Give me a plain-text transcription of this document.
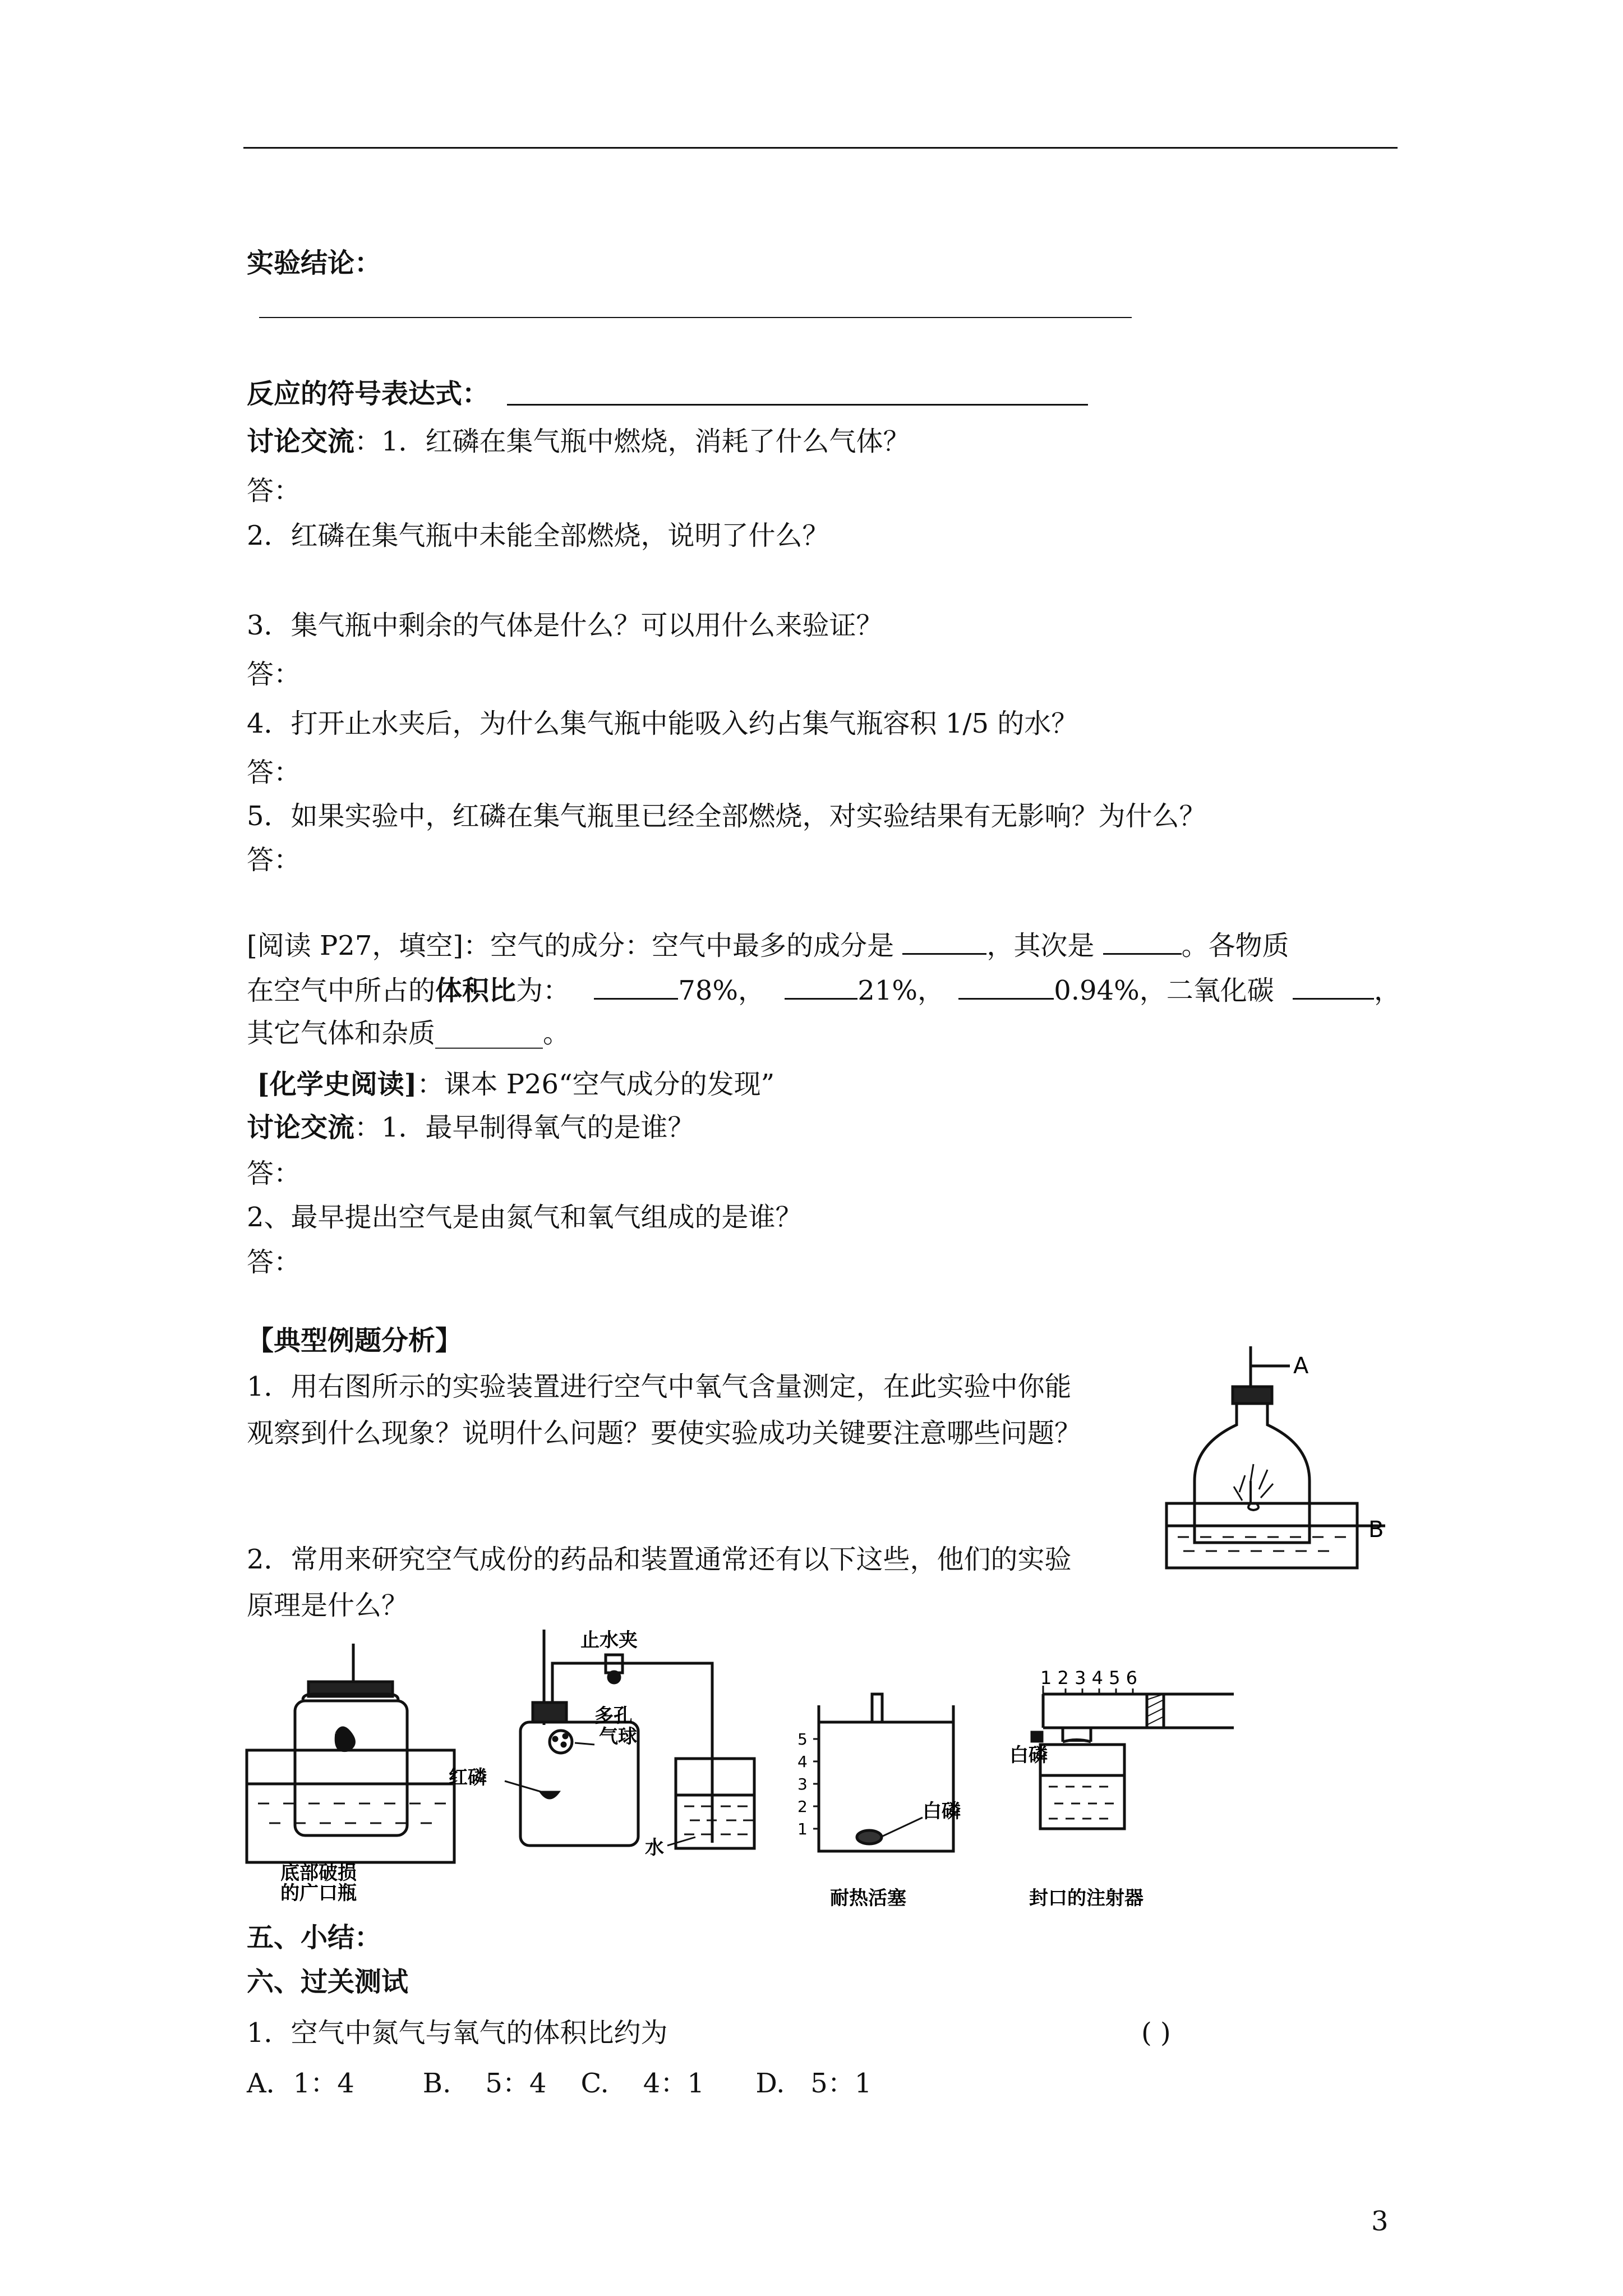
实验结论：
反应的符号表达式：
讨论交流：1．红磷在集气瓶中燃烧，消耗了什么气体？
答：
2．红磷在集气瓶中未能全部燃烧，说明了什么？
3．集气瓶中剩余的气体是什么？可以用什么来验证？
答：
4．打开止水夹后，为什么集气瓶中能吸入约占集气瓶容积 1/5 的水？
答：
5．如果实验中，红磷在集气瓶里已经全部燃烧，对实验结果有无影响？为什么？
答：
[阅读 P27，填空]：空气的成分：空气中最多的成分是	，其次是	。各物质
在空气中所占的体积比为：	78%，	21%，	0.94%，二氧化碳	，
其它气体和杂质________。
[化学史阅读]：课本 P26“空气成分的发现”
讨论交流：1．最早制得氧气的是谁？
答：
2、最早提出空气是由氮气和氧气组成的是谁？
答：
【典型例题分析】
1．用右图所示的实验装置进行空气中氧气含量测定，在此实验中你能
观察到什么现象？说明什么问题？要使实验成功关键要注意哪些问题？
2．常用来研究空气成份的药品和装置通常还有以下这些，他们的实验
原理是什么？
A
B
底部破损
的广口瓶
止水夹
多孔
气球
红磷
水
5
4
3
2
1
白磷
耐热活塞
1 2 3 4 5 6
白磷
封口的注射器
五、小结：
六、过关测试
1．空气中氮气与氧气的体积比约为	( )
A．1：4        B.    5：4    C.    4：1      D.   5：1
3
